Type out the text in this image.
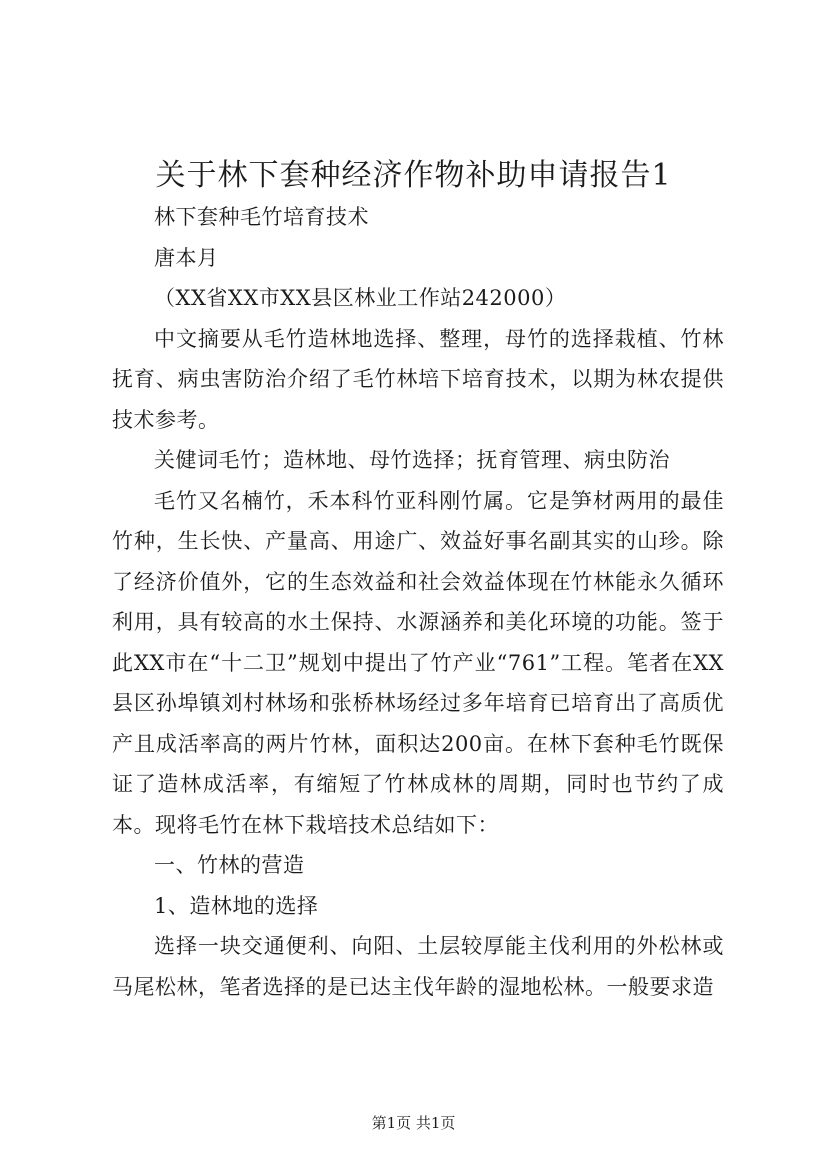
关于林下套种经济作物补助申请报告1

林下套种毛竹培育技术

唐本月

（XX省XX市XX县区林业工作站242000）

中文摘要从毛竹造林地选择、整理，母竹的选择栽植、竹林抚育、病虫害防治介绍了毛竹林培下培育技术，以期为林农提供技术参考。

关健词毛竹；造林地、母竹选择；抚育管理、病虫防治

毛竹又名楠竹，禾本科竹亚科刚竹属。它是笋材两用的最佳竹种，生长快、产量高、用途广、效益好事名副其实的山珍。除了经济价值外，它的生态效益和社会效益体现在竹林能永久循环利用，具有较高的水土保持、水源涵养和美化环境的功能。签于此XX市在“十二卫”规划中提出了竹产业“761”工程。笔者在XX县区孙埠镇刘村林场和张桥林场经过多年培育已培育出了高质优产且成活率高的两片竹林，面积达200亩。在林下套种毛竹既保证了造林成活率，有缩短了竹林成林的周期，同时也节约了成本。现将毛竹在林下栽培技术总结如下：

一、竹林的营造

1、造林地的选择

选择一块交通便利、向阳、土层较厚能主伐利用的外松林或马尾松林，笔者选择的是已达主伐年龄的湿地松林。一般要求造

第1页 共1页
